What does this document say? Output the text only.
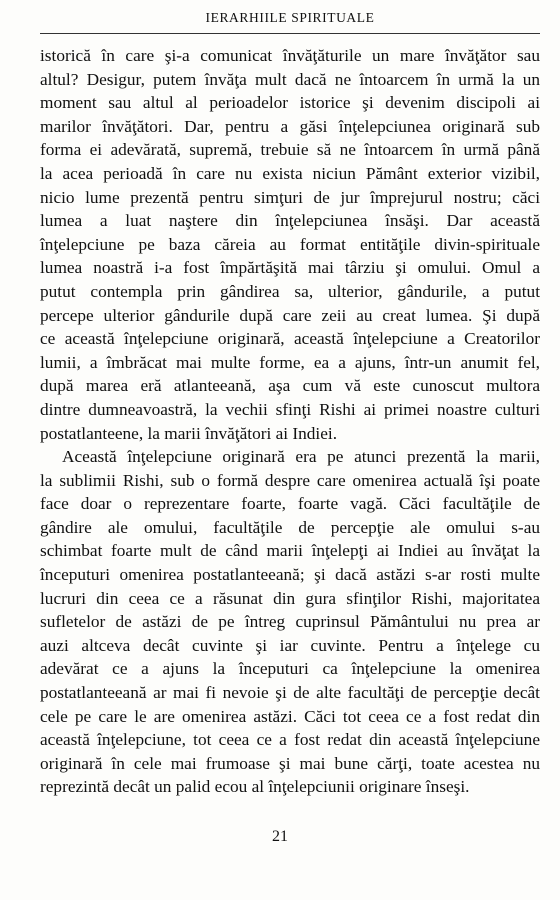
IERARHIILE SPIRITUALE
istorică în care şi-a comunicat învăţăturile un mare învăţător sau
altul? Desigur, putem învăţa mult dacă ne întoarcem în urmă la un
moment sau altul al perioadelor istorice şi devenim discipoli ai
marilor învăţători. Dar, pentru a găsi înţelepciunea originară sub
forma ei adevărată, supremă, trebuie să ne întoarcem în urmă până
la acea perioadă în care nu exista niciun Pământ exterior vizibil,
nicio lume prezentă pentru simţuri de jur împrejurul nostru; căci
lumea a luat naştere din înţelepciunea însăşi. Dar această
înţelepciune pe baza căreia au format entităţile divin-spirituale
lumea noastră i-a fost împărtăşită mai târziu şi omului. Omul a
putut contempla prin gândirea sa, ulterior, gândurile, a putut
percepe ulterior gândurile după care zeii au creat lumea. Şi după
ce această înţelepciune originară, această înţelepciune a Creatorilor
lumii, a îmbrăcat mai multe forme, ea a ajuns, într-un anumit fel,
după marea eră atlanteeană, aşa cum vă este cunoscut multora
dintre dumneavoastră, la vechii sfinţi Rishi ai primei noastre culturi
postatlanteene, la marii învăţători ai Indiei.
Această înţelepciune originară era pe atunci prezentă la marii,
la sublimii Rishi, sub o formă despre care omenirea actuală îşi poate
face doar o reprezentare foarte, foarte vagă. Căci facultăţile de
gândire ale omului, facultăţile de percepţie ale omului s-au
schimbat foarte mult de când marii înţelepţi ai Indiei au învăţat la
începuturi omenirea postatlanteeană; şi dacă astăzi s-ar rosti multe
lucruri din ceea ce a răsunat din gura sfinţilor Rishi, majoritatea
sufletelor de astăzi de pe întreg cuprinsul Pământului nu prea ar
auzi altceva decât cuvinte şi iar cuvinte. Pentru a înţelege cu
adevărat ce a ajuns la începuturi ca înţelepciune la omenirea
postatlanteeană ar mai fi nevoie şi de alte facultăţi de percepţie decât
cele pe care le are omenirea astăzi. Căci tot ceea ce a fost redat din
această înţelepciune, tot ceea ce a fost redat din această înţelepciune
originară în cele mai frumoase şi mai bune cărţi, toate acestea nu
reprezintă decât un palid ecou al înţelepciunii originare înseşi.
21
